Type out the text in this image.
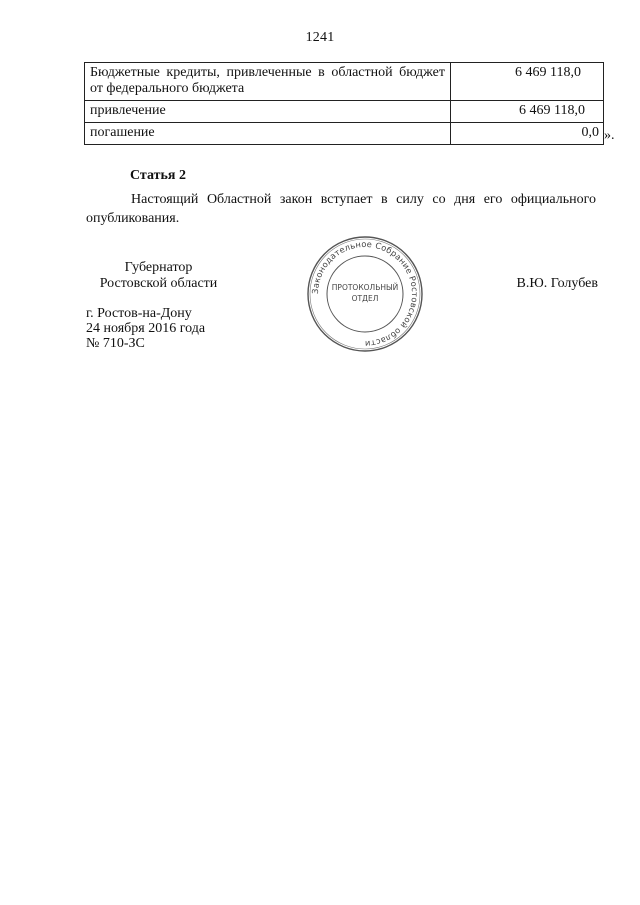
1241
Бюджетные кредиты, привлеченные в областной бюджет от федерального бюджета	6 469 118,0
привлечение	6 469 118,0
погашение	0,0 ».
Статья 2

Настоящий Областной закон вступает в силу со дня его официального опубликования.

Губернатор
Ростовской области	В.Ю. Голубев
Законодательное Собрание Ростовской области
ПРОТОКОЛЬНЫЙ
ОТДЕЛ
г. Ростов-на-Дону
24 ноября 2016 года
№ 710-ЗС
